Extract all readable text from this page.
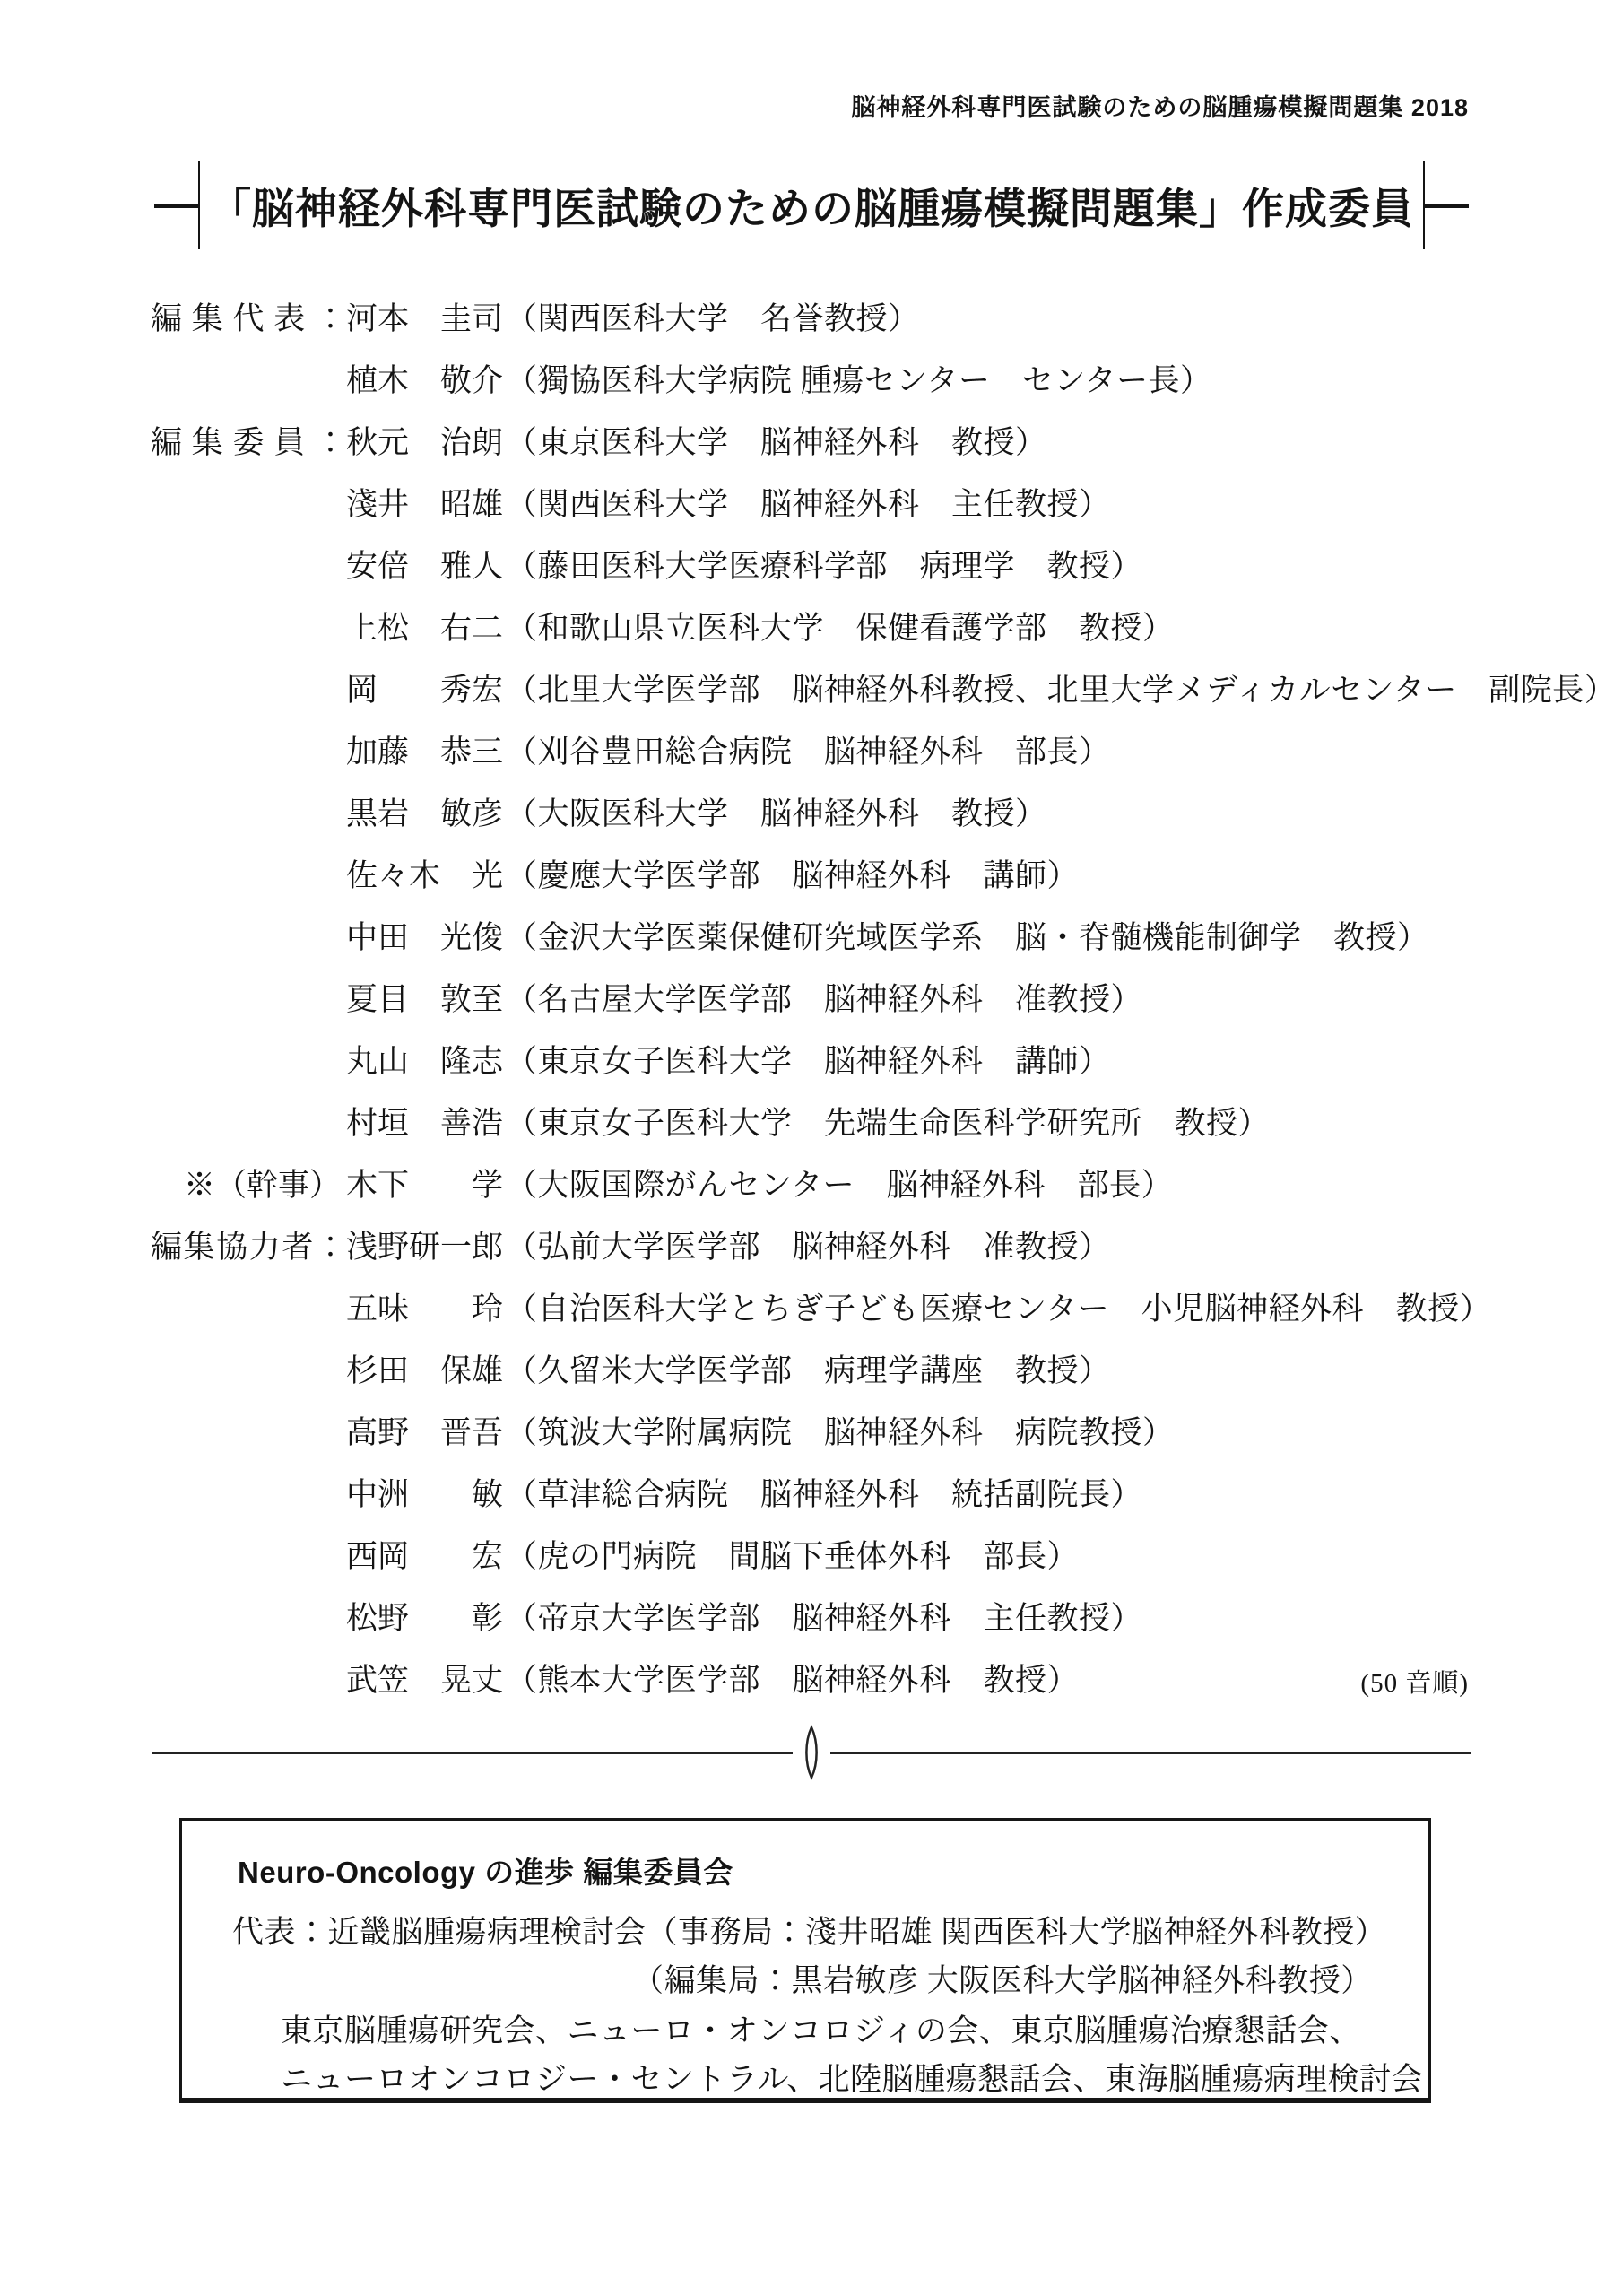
脳神経外科専門医試験のための脳腫瘍模擬問題集 2018
「脳神経外科専門医試験のための脳腫瘍模擬問題集」作成委員
編集代表： 河本　圭司 （関西医科大学　名誉教授）
植木　敬介 （獨協医科大学病院 腫瘍センター　センター長）
編集委員： 秋元　治朗 （東京医科大学　脳神経外科　教授）
淺井　昭雄 （関西医科大学　脳神経外科　主任教授）
安倍　雅人 （藤田医科大学医療科学部　病理学　教授）
上松　右二 （和歌山県立医科大学　保健看護学部　教授）
岡　　秀宏 （北里大学医学部　脳神経外科教授、北里大学メディカルセンター　副院長）
加藤　恭三 （刈谷豊田総合病院　脳神経外科　部長）
黒岩　敏彦 （大阪医科大学　脳神経外科　教授）
佐々木　光 （慶應大学医学部　脳神経外科　講師）
中田　光俊 （金沢大学医薬保健研究域医学系　脳・脊髄機能制御学　教授）
夏目　敦至 （名古屋大学医学部　脳神経外科　准教授）
丸山　隆志 （東京女子医科大学　脳神経外科　講師）
村垣　善浩 （東京女子医科大学　先端生命医科学研究所　教授）
※（幹事） 木下　　学 （大阪国際がんセンター　脳神経外科　部長）
編集協力者： 浅野研一郎 （弘前大学医学部　脳神経外科　准教授）
五味　　玲 （自治医科大学とちぎ子ども医療センター　小児脳神経外科　教授）
杉田　保雄 （久留米大学医学部　病理学講座　教授）
高野　晋吾 （筑波大学附属病院　脳神経外科　病院教授）
中洲　　敏 （草津総合病院　脳神経外科　統括副院長）
西岡　　宏 （虎の門病院　間脳下垂体外科　部長）
松野　　彰 （帝京大学医学部　脳神経外科　主任教授）
武笠　晃丈 （熊本大学医学部　脳神経外科　教授）	(50 音順)
Neuro-Oncology の進歩 編集委員会
代表：近畿脳腫瘍病理検討会（事務局：淺井昭雄 関西医科大学脳神経外科教授）
（編集局：黒岩敏彦 大阪医科大学脳神経外科教授）
東京脳腫瘍研究会、ニューロ・オンコロジィの会、東京脳腫瘍治療懇話会、
ニューロオンコロジー・セントラル、北陸脳腫瘍懇話会、東海脳腫瘍病理検討会
